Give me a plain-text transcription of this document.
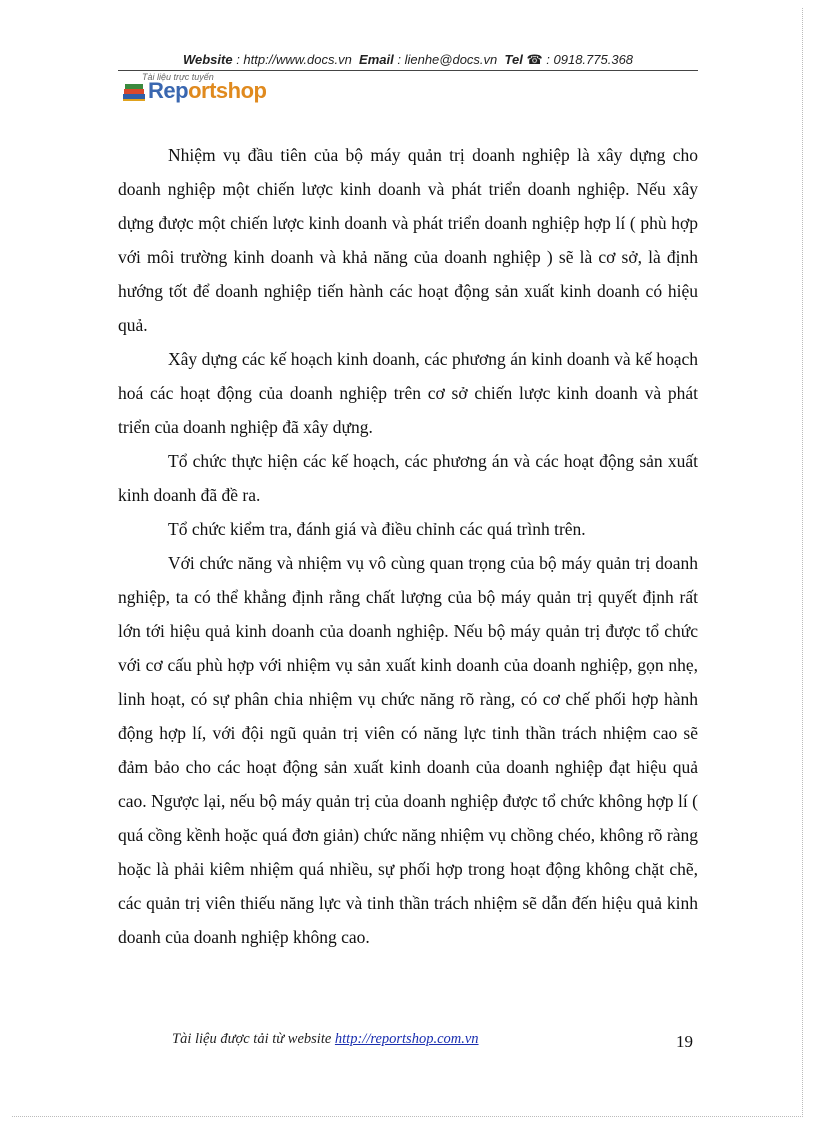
Website : http://www.docs.vn Email : lienhe@docs.vn Tel ☎ : 0918.775.368
Tài liệu trực tuyến
Reportshop

Nhiệm vụ đầu tiên của bộ máy quản trị doanh nghiệp là xây dựng cho doanh nghiệp một chiến lược kinh doanh và phát triển doanh nghiệp. Nếu xây dựng được một chiến lược kinh doanh và phát triển doanh nghiệp hợp lí ( phù hợp với môi trường kinh doanh và khả năng của doanh nghiệp ) sẽ là cơ sở, là định hướng tốt để doanh nghiệp tiến hành các hoạt động sản xuất kinh doanh có hiệu quả.

Xây dựng các kế hoạch kinh doanh, các phương án kinh doanh và kế hoạch hoá các hoạt động của doanh nghiệp trên cơ sở chiến lược kinh doanh và phát triển của doanh nghiệp đã xây dựng.

Tổ chức thực hiện các kế hoạch, các phương án và các hoạt động sản xuất kinh doanh đã đề ra.

Tổ chức kiểm tra, đánh giá và điều chỉnh các quá trình trên.

Với chức năng và nhiệm vụ vô cùng quan trọng của bộ máy quản trị doanh nghiệp, ta có thể khẳng định rằng chất lượng của bộ máy quản trị quyết định rất lớn tới hiệu quả kinh doanh của doanh nghiệp. Nếu bộ máy quản trị được tổ chức với cơ cấu phù hợp với nhiệm vụ sản xuất kinh doanh của doanh nghiệp, gọn nhẹ, linh hoạt, có sự phân chia nhiệm vụ chức năng rõ ràng, có cơ chế phối hợp hành động hợp lí, với đội ngũ quản trị viên có năng lực tinh thần trách nhiệm cao sẽ đảm bảo cho các hoạt động sản xuất kinh doanh của doanh nghiệp đạt hiệu quả cao. Ngược lại, nếu bộ máy quản trị của doanh nghiệp được tổ chức không hợp lí ( quá cồng kềnh hoặc quá đơn giản) chức năng nhiệm vụ chồng chéo, không rõ ràng hoặc là phải kiêm nhiệm quá nhiều, sự phối hợp trong hoạt động không chặt chẽ, các quản trị viên thiếu năng lực và tinh thần trách nhiệm sẽ dẫn đến hiệu quả kinh doanh của doanh nghiệp không cao.

Tài liệu được tải từ website http://reportshop.com.vn	19
